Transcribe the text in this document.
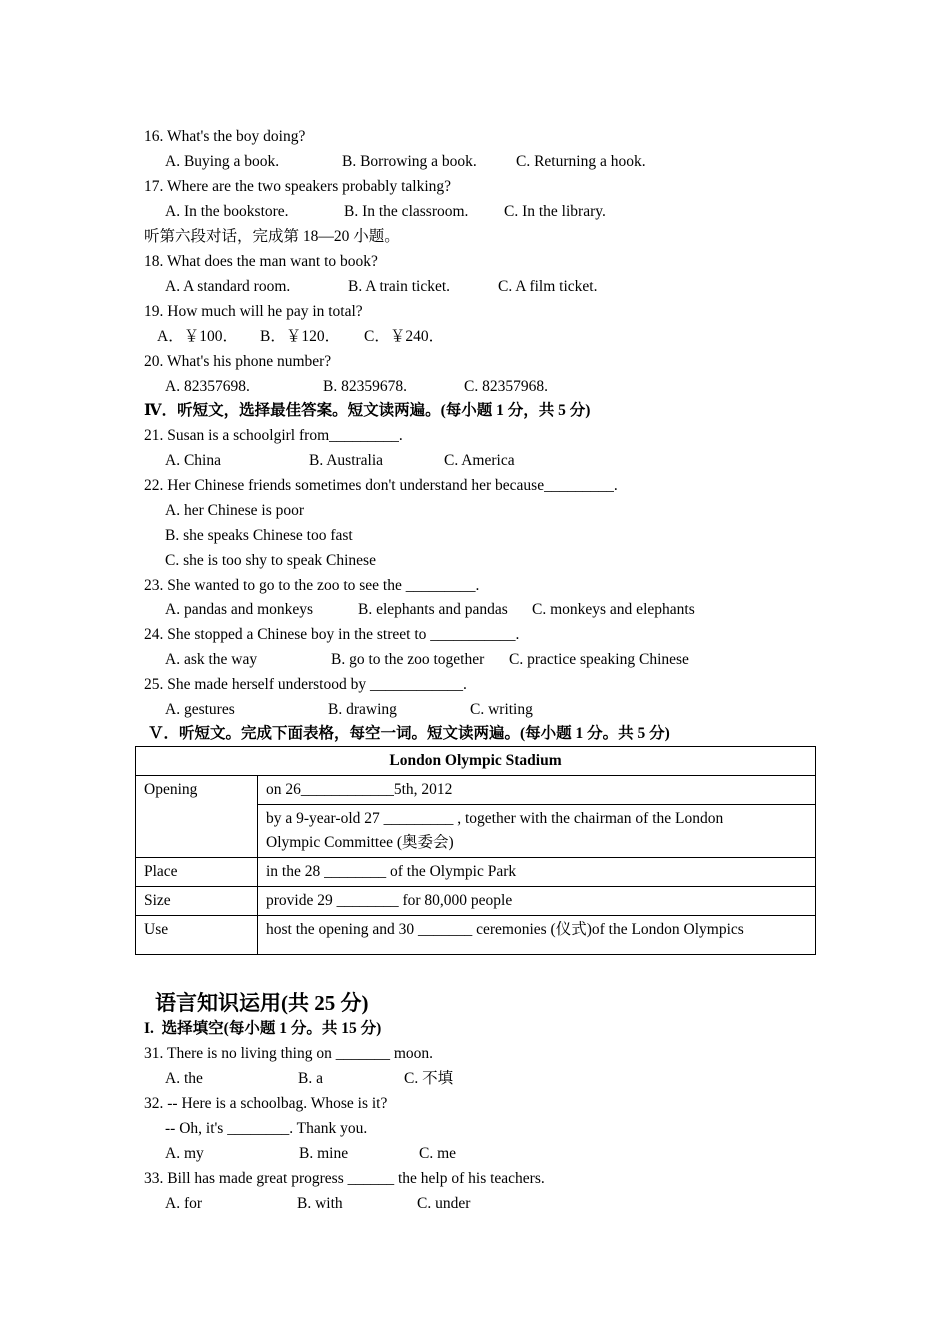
16. What's the boy doing?
A. Buying a book.	B. Borrowing a book.	C. Returning a hook.
17. Where are the two speakers probably talking?
A. In the bookstore.	B. In the classroom. C. In the library.
听第六段对话，完成第 18—20 小题。
18. What does the man want to book?
A. A standard room.	B. A train ticket.	C. A film ticket.
19. How much will he pay in total?
A．￥100． B．￥120． C．￥240．
20. What's his phone number?
A. 82357698.	B. 82359678.	C. 82357968.
Ⅳ．听短文，选择最佳答案。短文读两遍。(每小题 1 分，共 5 分)
21. Susan is a schoolgirl from_________.
A. China	B. Australia	C. America
22. Her Chinese friends sometimes don't understand her because_________.
A. her Chinese is poor
B. she speaks Chinese too fast
C. she is too shy to speak Chinese
23. She wanted to go to the zoo to see the _________.
A. pandas and monkeys	B. elephants and pandas C. monkeys and elephants
24. She stopped a Chinese boy in the street to ___________.
A. ask the way	B. go to the zoo together C. practice speaking Chinese
25. She made herself understood by ____________.
A. gestures	B. drawing	C. writing
Ｖ．听短文。完成下面表格，每空一词。短文读两遍。(每小题 1 分。共 5 分)
London Olympic Stadium	
Opening	on 26____________5th, 2012

	by a 9-year-old 27 _________ , together with the chairman of the London
Olympic Committee (奥委会)

Place	in the 28 ________ of the Olympic Park
Size	provide 29 ________ for 80,000 people
Use	host the opening and 30 _______ ceremonies (仪式)of the London Olympics
语言知识运用(共 25 分)
I.  选择填空(每小题 1 分。共 15 分)
31. There is no living thing on _______ moon.
A. the	B. a	C. 不填
32. -- Here is a schoolbag. Whose is it?
-- Oh, it's ________. Thank you.
A. my	B. mine	C. me
33. Bill has made great progress ______ the help of his teachers.
A. for	B. with	C. under
